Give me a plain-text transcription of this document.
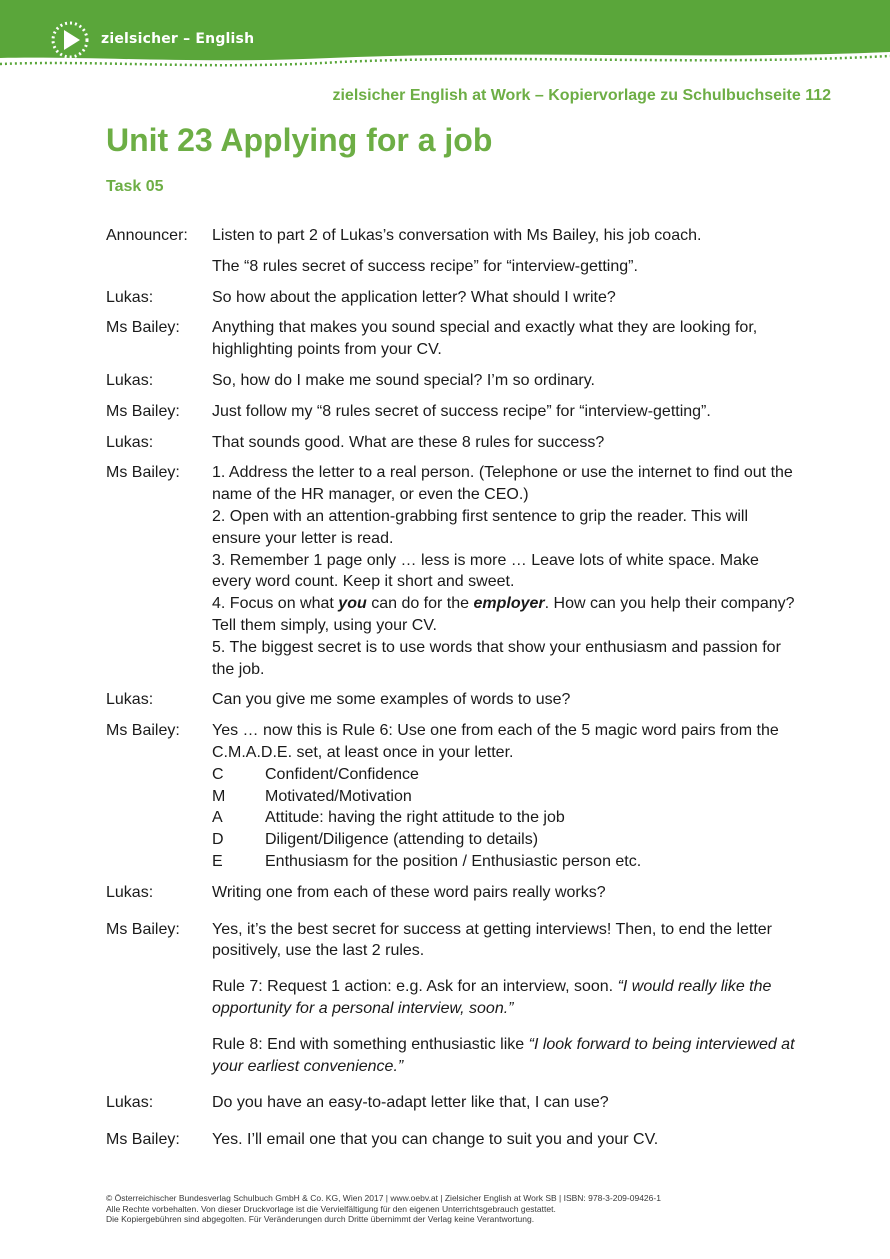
zielsicher – English
zielsicher English at Work – Kopiervorlage zu Schulbuchseite 112
Unit 23 Applying for a job
Task 05
Announcer:	Listen to part 2 of Lukas’s conversation with Ms Bailey, his job coach.
The “8 rules secret of success recipe” for “interview-getting”.
Lukas:	So how about the application letter? What should I write?
Ms Bailey:	Anything that makes you sound special and exactly what they are looking for, highlighting points from your CV.
Lukas:	So, how do I make me sound special? I’m so ordinary.
Ms Bailey:	Just follow my “8 rules secret of success recipe” for “interview-getting”.
Lukas:	That sounds good. What are these 8 rules for success?
Ms Bailey:	1. Address the letter to a real person. (Telephone or use the internet to find out the name of the HR manager, or even the CEO.)

2. Open with an attention-grabbing first sentence to grip the reader. This will ensure your letter is read.

3. Remember 1 page only … less is more … Leave lots of white space. Make every word count. Keep it short and sweet.

4. Focus on what you can do for the employer. How can you help their company? Tell them simply, using your CV.

5. The biggest secret is to use words that show your enthusiasm and passion for the job.

Lukas:	Can you give me some examples of words to use?
Ms Bailey:	Yes … now this is Rule 6: Use one from each of the 5 magic word pairs from the C.M.A.D.E. set, at least once in your letter.

C	Confident/Confidence
M	Motivated/Motivation
A	Attitude: having the right attitude to the job
D	Diligent/Diligence (attending to details)
E	Enthusiasm for the position / Enthusiastic person etc.
Lukas:	Writing one from each of these word pairs really works?
Ms Bailey:	Yes, it’s the best secret for success at getting interviews! Then, to end the letter positively, use the last 2 rules.

Rule 7: Request 1 action: e.g. Ask for an interview, soon. “I would really like the opportunity for a personal interview, soon.”

Rule 8: End with something enthusiastic like “I look forward to being interviewed at your earliest convenience.”

Lukas:	Do you have an easy-to-adapt letter like that, I can use?
Ms Bailey:	Yes. I’ll email one that you can change to suit you and your CV.
© Österreichischer Bundesverlag Schulbuch GmbH & Co. KG, Wien 2017 | www.oebv.at | Zielsicher English at Work SB | ISBN: 978-3-209-09426-1
Alle Rechte vorbehalten. Von dieser Druckvorlage ist die Vervielfältigung für den eigenen Unterrichtsgebrauch gestattet.
Die Kopiergebühren sind abgegolten. Für Veränderungen durch Dritte übernimmt der Verlag keine Verantwortung.
